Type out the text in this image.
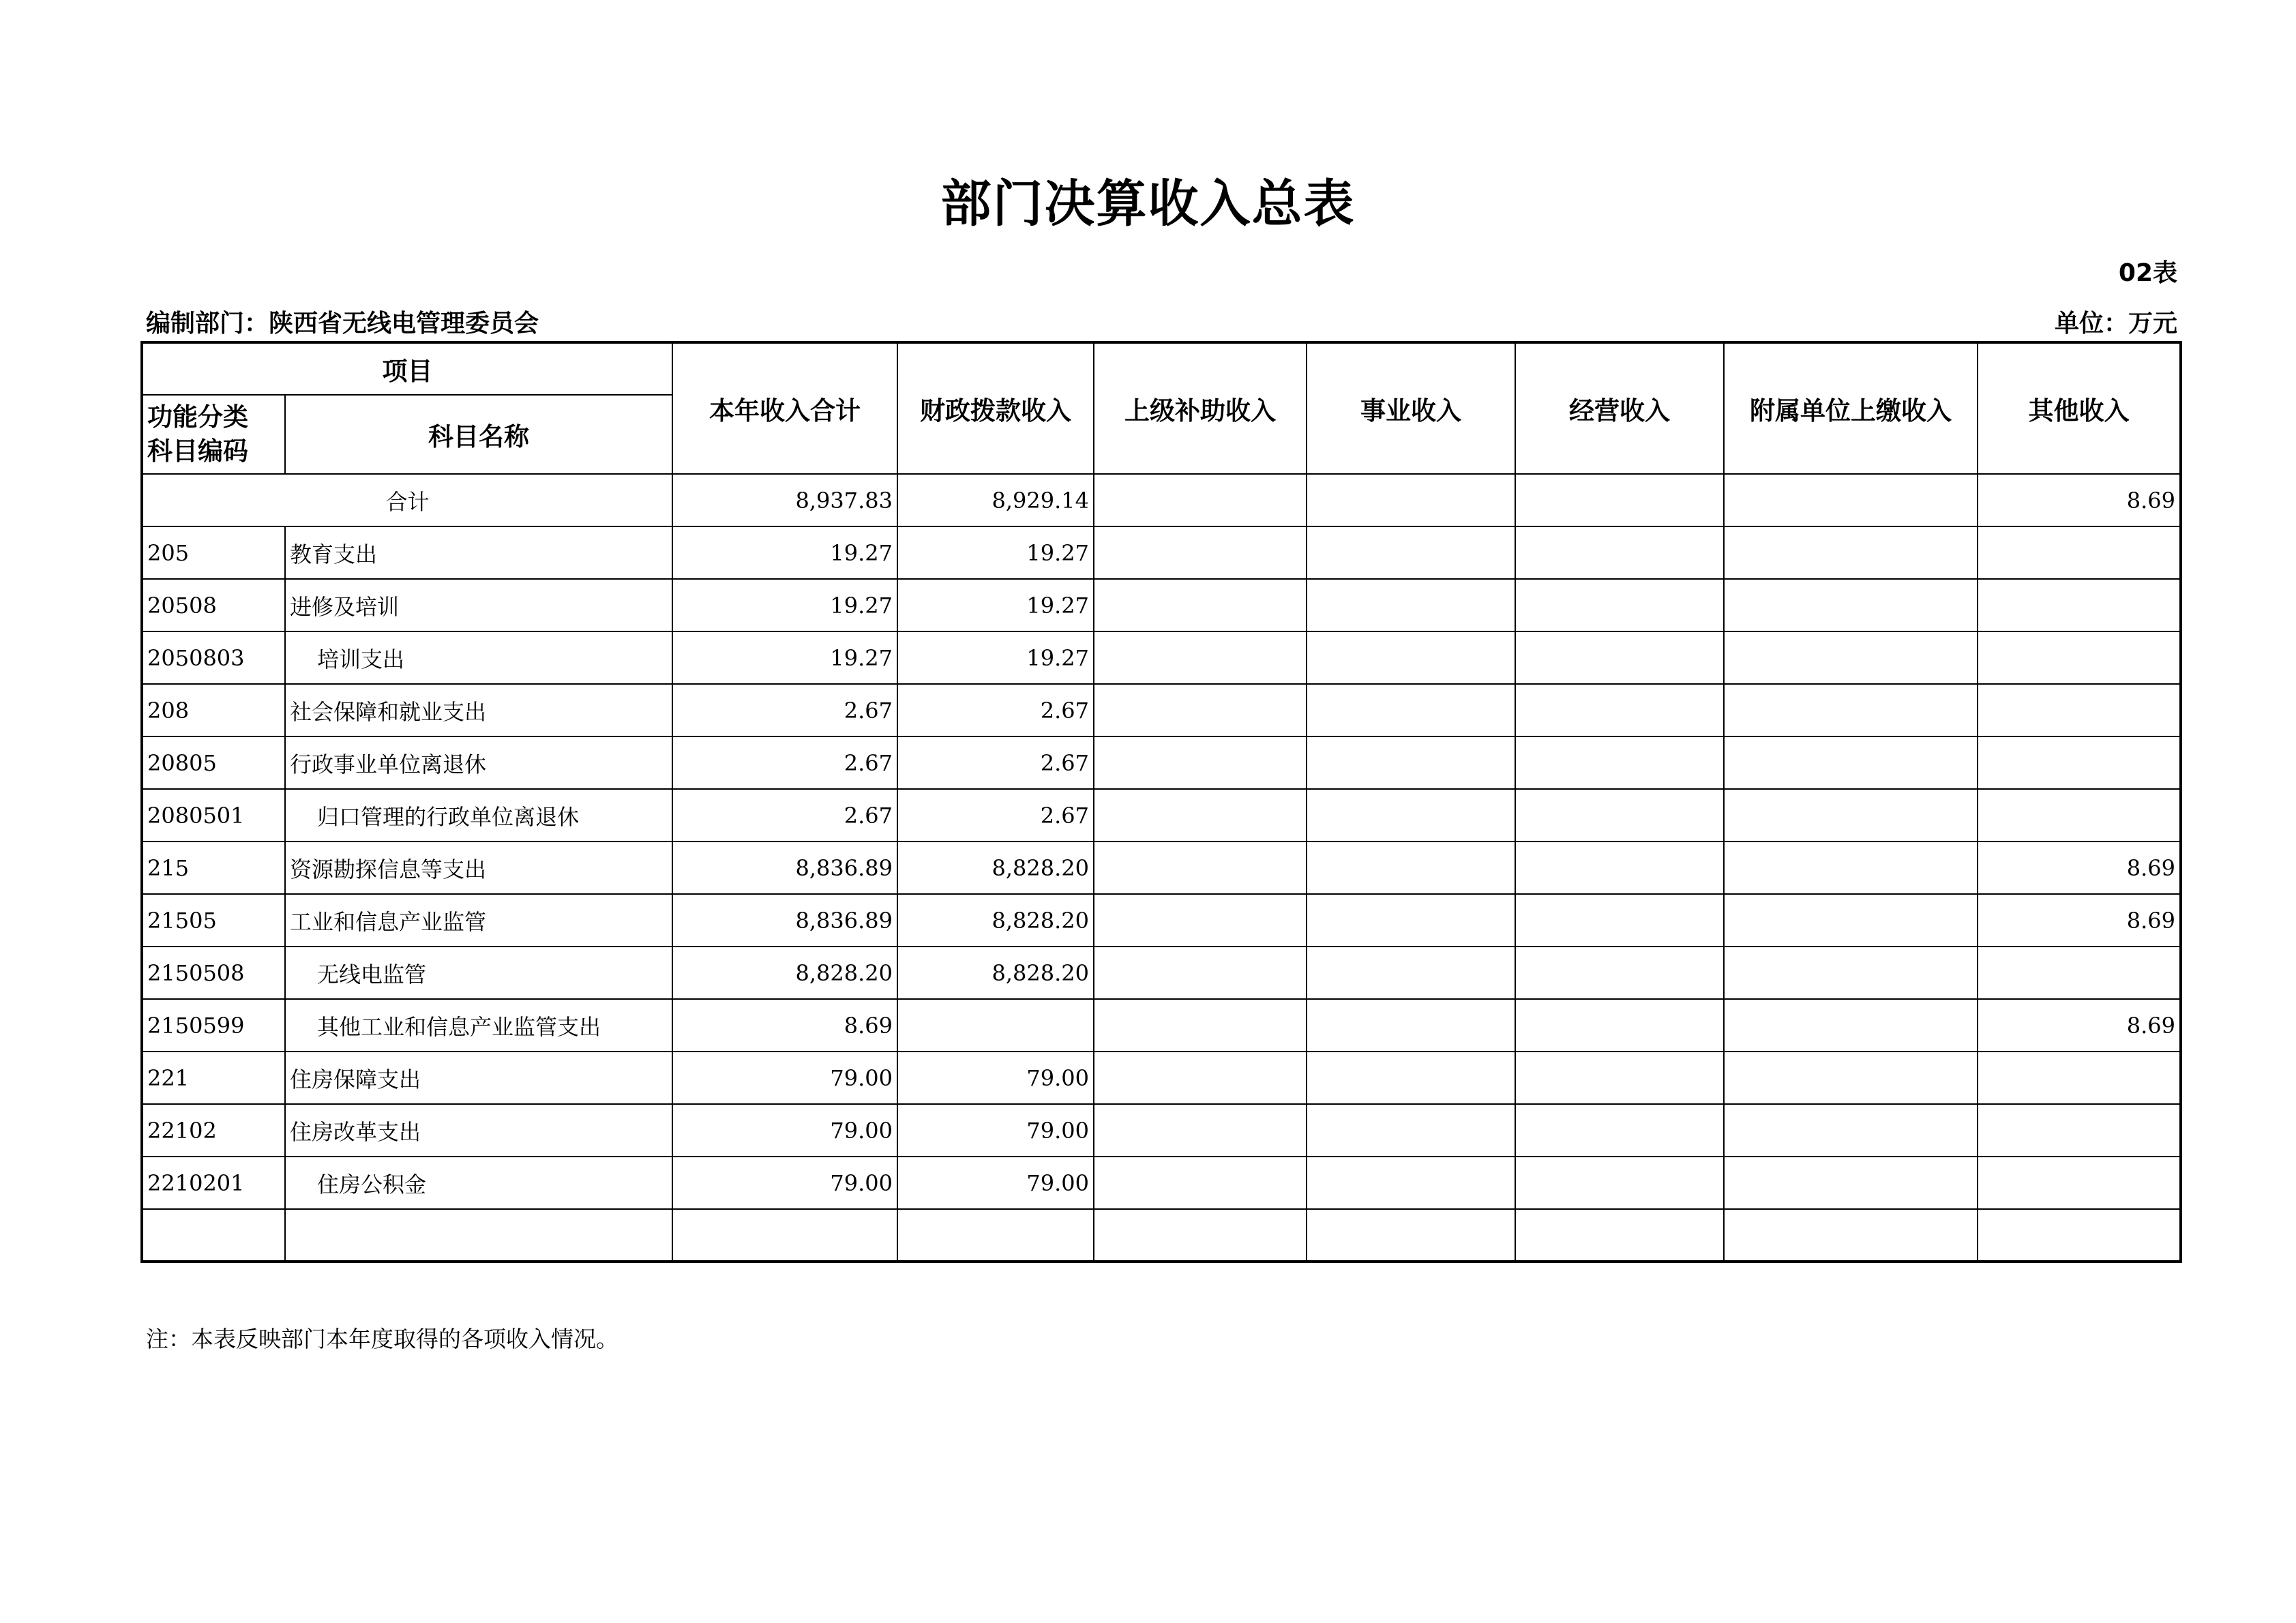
部门决算收入总表
02表
编制部门：陕西省无线电管理委员会	单位：万元
项目		本年收入合计	财政拨款收入	上级补助收入	事业收入	经营收入	附属单位上缴收入	其他收入
功能分类
科目编码	科目名称							
合计		8,937.83	8,929.14					8.69
205	教育支出	19.27	19.27					
20508	进修及培训	19.27	19.27					
2050803	培训支出	19.27	19.27					
208	社会保障和就业支出	2.67	2.67					
20805	行政事业单位离退休	2.67	2.67					
2080501	归口管理的行政单位离退休	2.67	2.67					
215	资源勘探信息等支出	8,836.89	8,828.20					8.69
21505	工业和信息产业监管	8,836.89	8,828.20					8.69
2150508	无线电监管	8,828.20	8,828.20					
2150599	其他工业和信息产业监管支出	8.69						8.69
221	住房保障支出	79.00	79.00					
22102	住房改革支出	79.00	79.00					
2210201	住房公积金	79.00	79.00					

注：本表反映部门本年度取得的各项收入情况。
